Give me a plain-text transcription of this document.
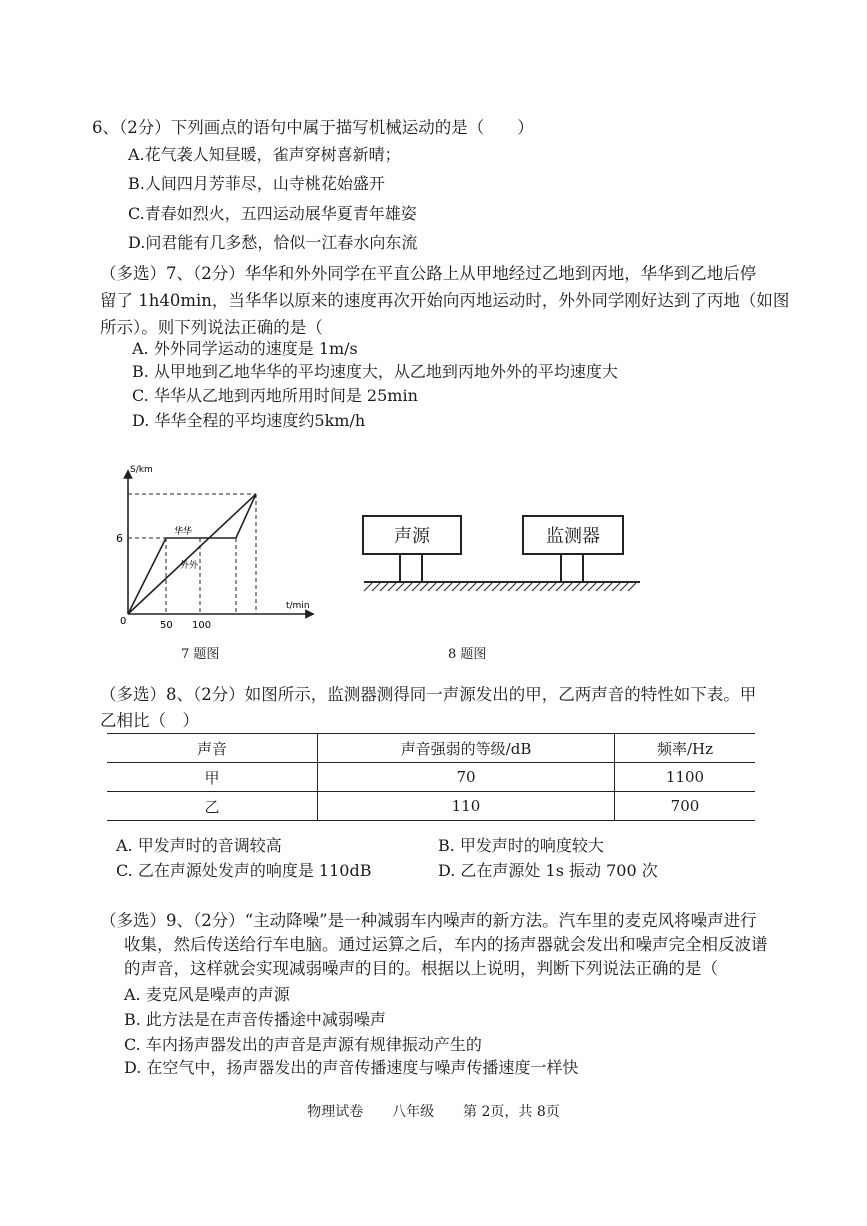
6、（2分）下列画点的语句中属于描写机械运动的是（　　）
A.花气袭人知昼暖，雀声穿树喜新晴；
B.人间四月芳菲尽，山寺桃花始盛开
C.青春如烈火，五四运动展华夏青年雄姿
D.问君能有几多愁，恰似一江春水向东流
（多选）7、（2分）华华和外外同学在平直公路上从甲地经过乙地到丙地，华华到乙地后停
留了 1h40min，当华华以原来的速度再次开始向丙地运动时，外外同学刚好达到了丙地（如图
所示）。则下列说法正确的是（
A. 外外同学运动的速度是 1m/s
B. 从甲地到乙地华华的平均速度大，从乙地到丙地外外的平均速度大
C. 华华从乙地到丙地所用时间是 25min
D. 华华全程的平均速度约5km/h
S/km
t/min
0
6
50 100
华华
外外
7 题图
声源	监测器
8 题图
（多选）8、（2分）如图所示，监测器测得同一声源发出的甲，乙两声音的特性如下表。甲
乙相比（　）
声音	声音强弱的等级/dB	频率/Hz
甲	70	1100
乙	110	700
A. 甲发声时的音调较高	B. 甲发声时的响度较大
C. 乙在声源处发声的响度是 110dB	D. 乙在声源处 1s 振动 700 次
（多选）9、（2分）“主动降噪”是一种减弱车内噪声的新方法。汽车里的麦克风将噪声进行
收集，然后传送给行车电脑。通过运算之后，车内的扬声器就会发出和噪声完全相反波谱
的声音，这样就会实现减弱噪声的目的。根据以上说明，判断下列说法正确的是（
A. 麦克风是噪声的声源
B. 此方法是在声音传播途中减弱噪声
C. 车内扬声器发出的声音是声源有规律振动产生的
D. 在空气中，扬声器发出的声音传播速度与噪声传播速度一样快
物理试卷 八年级 第 2页，共 8页
